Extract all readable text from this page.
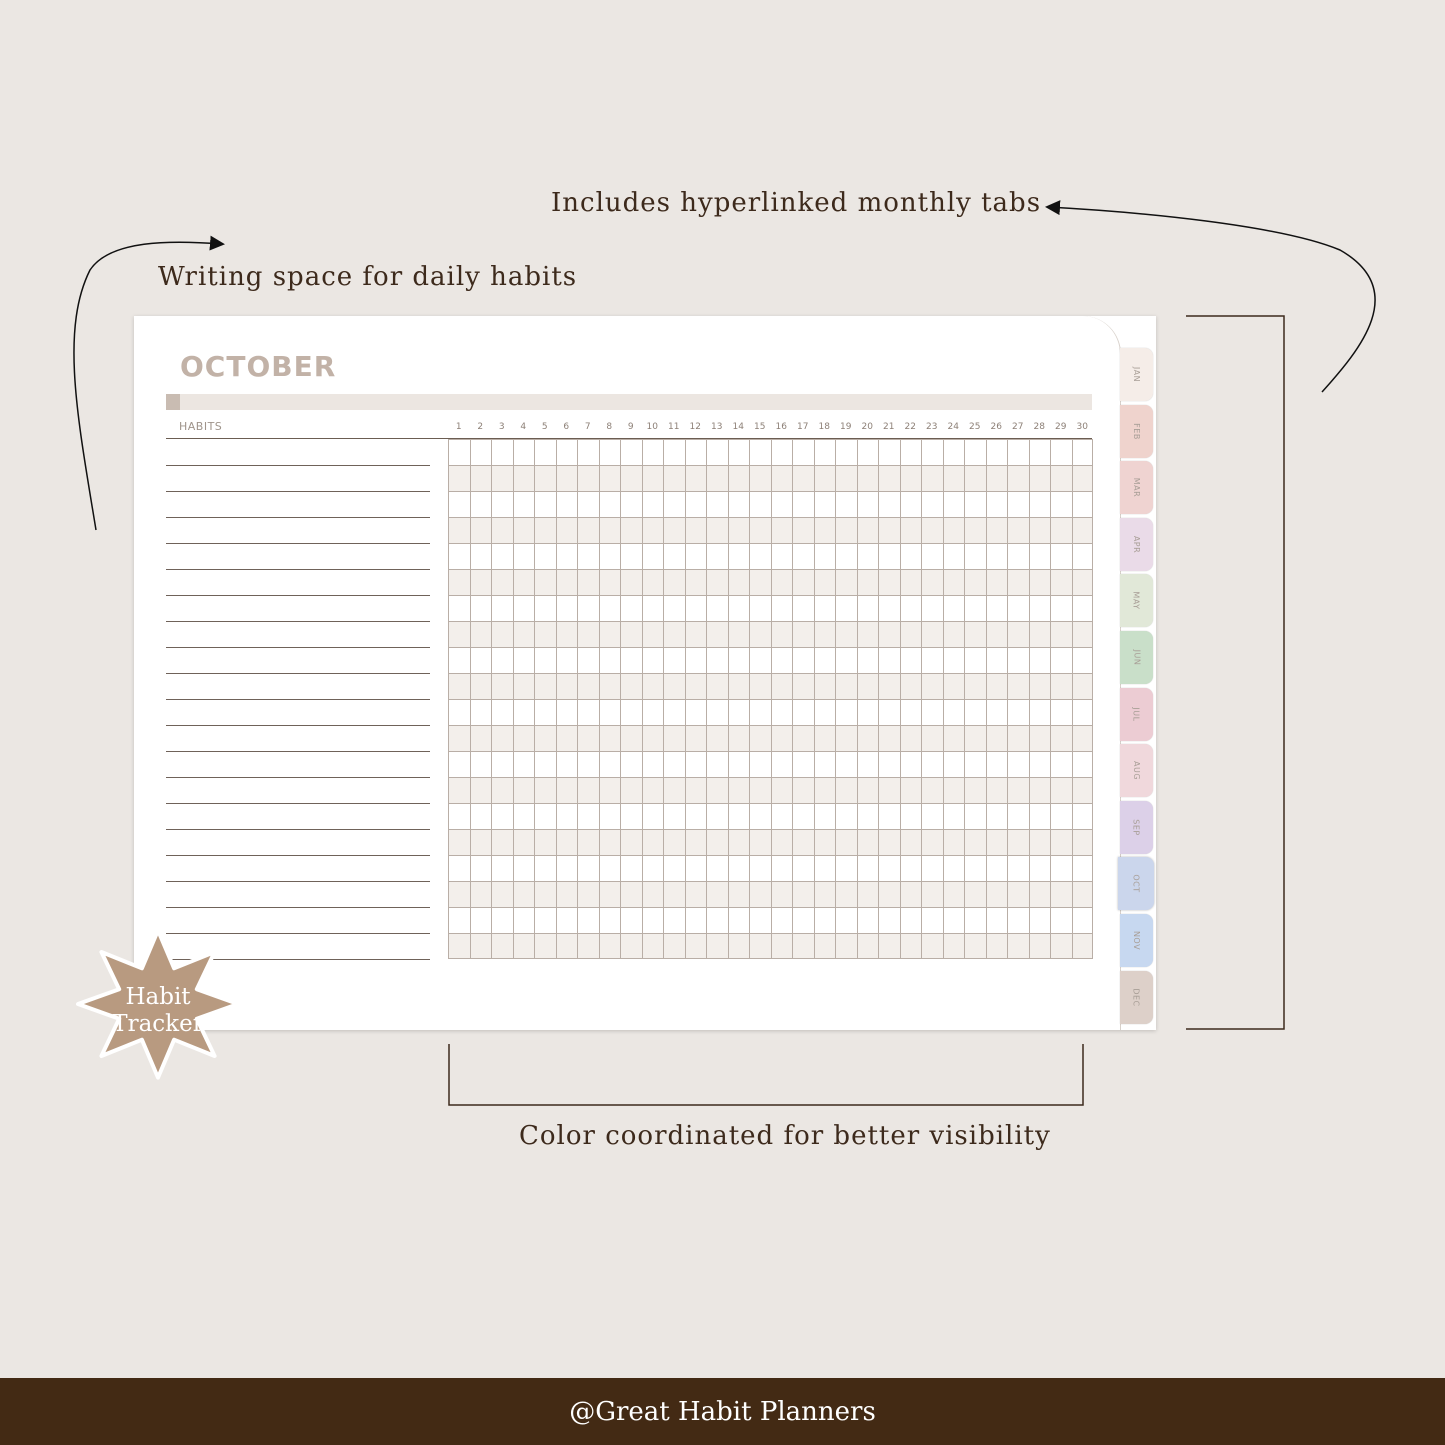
Includes hyperlinked monthly tabs
Writing space for daily habits
Color coordinated for better visibility
OCTOBER
HABITS	1	2	3	4	5	6	7	8	9	10	11	12	13	14	15	16	17	18	19	20	21	22	23	24	25	26	27	28	29	30
JAN
FEB
MAR
APR
MAY
JUN
JUL
AUG
SEP
OCT
NOV
DEC
Habit
Tracker
@Great Habit Planners
